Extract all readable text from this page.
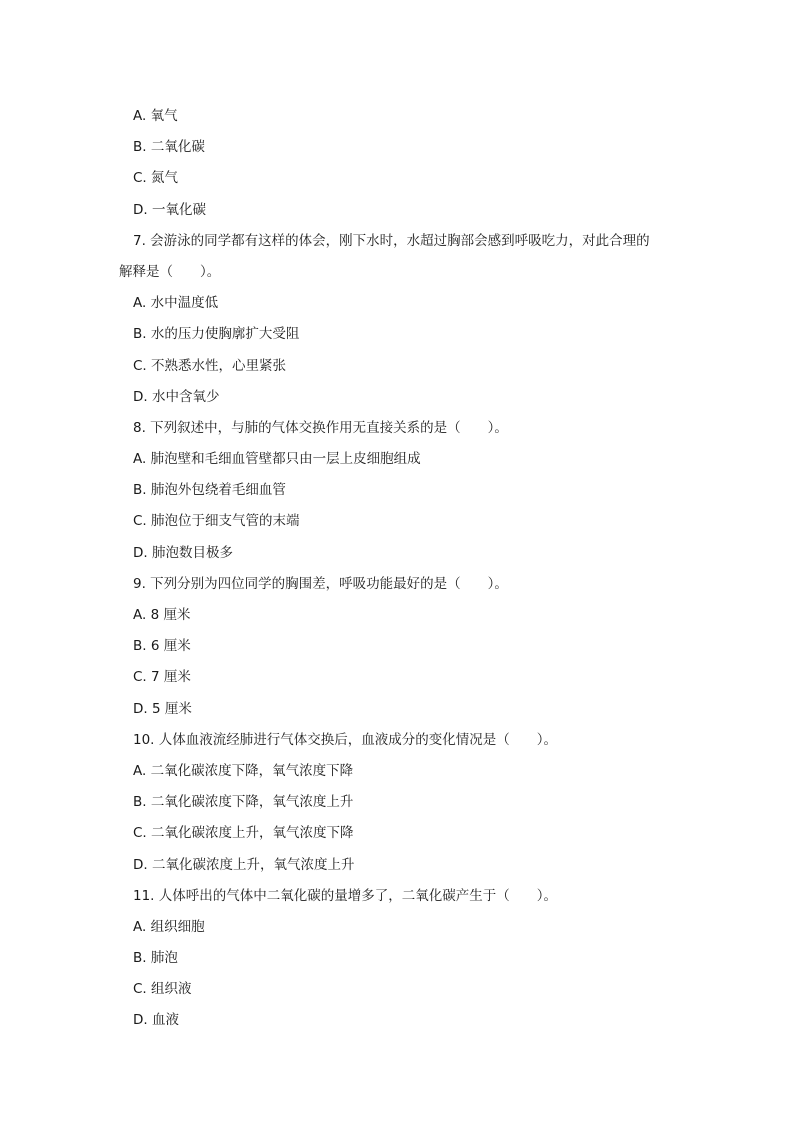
A. 氧气
B. 二氧化碳
C. 氮气
D. 一氧化碳
7. 会游泳的同学都有这样的体会，刚下水时，水超过胸部会感到呼吸吃力，对此合理的
解释是（　　）。
A. 水中温度低
B. 水的压力使胸廓扩大受阻
C. 不熟悉水性，心里紧张
D. 水中含氧少
8. 下列叙述中，与肺的气体交换作用无直接关系的是（　　）。
A. 肺泡壁和毛细血管壁都只由一层上皮细胞组成
B. 肺泡外包绕着毛细血管
C. 肺泡位于细支气管的末端
D. 肺泡数目极多
9. 下列分别为四位同学的胸围差，呼吸功能最好的是（　　）。
A. 8 厘米
B. 6 厘米
C. 7 厘米
D. 5 厘米
10. 人体血液流经肺进行气体交换后，血液成分的变化情况是（　　）。
A. 二氧化碳浓度下降，氧气浓度下降
B. 二氧化碳浓度下降，氧气浓度上升
C. 二氧化碳浓度上升，氧气浓度下降
D. 二氧化碳浓度上升，氧气浓度上升
11. 人体呼出的气体中二氧化碳的量增多了，二氧化碳产生于（　　）。
A. 组织细胞
B. 肺泡
C. 组织液
D. 血液
